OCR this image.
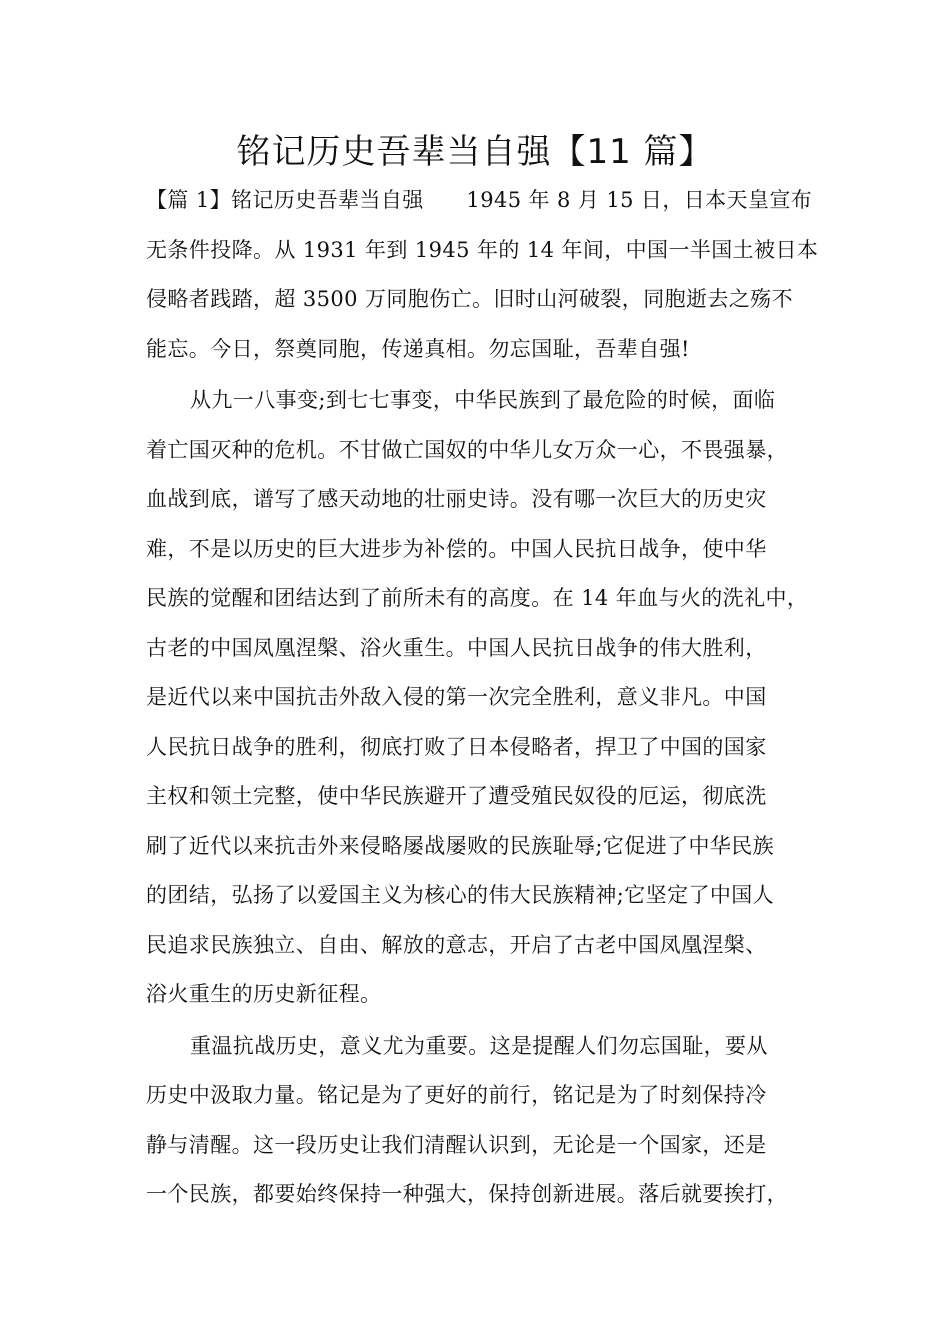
铭记历史吾辈当自强【11 篇】
【篇 1】铭记历史吾辈当自强　　1945 年 8 月 15 日，日本天皇宣布
无条件投降。从 1931 年到 1945 年的 14 年间，中国一半国土被日本
侵略者践踏，超 3500 万同胞伤亡。旧时山河破裂，同胞逝去之殇不
能忘。今日，祭奠同胞，传递真相。勿忘国耻，吾辈自强!
从九一八事变;到七七事变，中华民族到了最危险的时候，面临
着亡国灭种的危机。不甘做亡国奴的中华儿女万众一心，不畏强暴，
血战到底，谱写了感天动地的壮丽史诗。没有哪一次巨大的历史灾
难，不是以历史的巨大进步为补偿的。中国人民抗日战争，使中华
民族的觉醒和团结达到了前所未有的高度。在 14 年血与火的洗礼中，
古老的中国凤凰涅槃、浴火重生。中国人民抗日战争的伟大胜利，
是近代以来中国抗击外敌入侵的第一次完全胜利，意义非凡。中国
人民抗日战争的胜利，彻底打败了日本侵略者，捍卫了中国的国家
主权和领土完整，使中华民族避开了遭受殖民奴役的厄运，彻底洗
刷了近代以来抗击外来侵略屡战屡败的民族耻辱;它促进了中华民族
的团结，弘扬了以爱国主义为核心的伟大民族精神;它坚定了中国人
民追求民族独立、自由、解放的意志，开启了古老中国凤凰涅槃、
浴火重生的历史新征程。
重温抗战历史，意义尤为重要。这是提醒人们勿忘国耻，要从
历史中汲取力量。铭记是为了更好的前行，铭记是为了时刻保持冷
静与清醒。这一段历史让我们清醒认识到，无论是一个国家，还是
一个民族，都要始终保持一种强大，保持创新进展。落后就要挨打，
